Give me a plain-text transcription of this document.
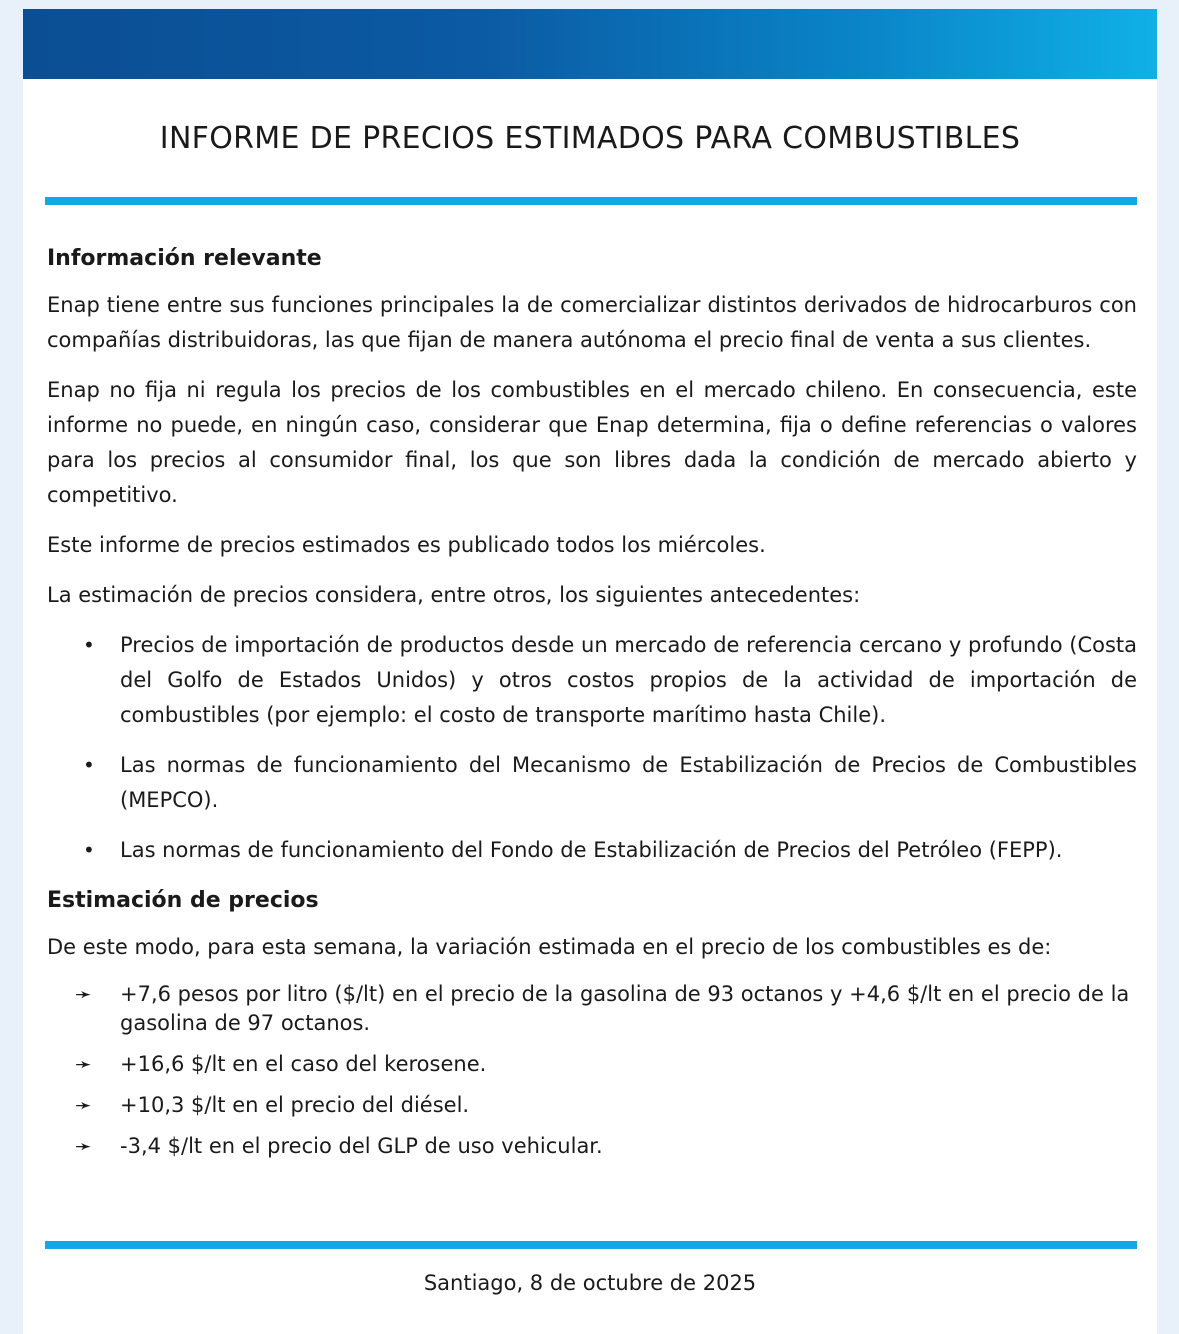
INFORME DE PRECIOS ESTIMADOS PARA COMBUSTIBLES
Información relevante

Enap tiene entre sus funciones principales la de comercializar distintos derivados de hidrocarburos con compañías distribuidoras, las que fijan de manera autónoma el precio final de venta a sus clientes.

Enap no fija ni regula los precios de los combustibles en el mercado chileno. En consecuencia, este informe no puede, en ningún caso, considerar que Enap determina, fija o define referencias o valores para los precios al consumidor final, los que son libres dada la condición de mercado abierto y competitivo.

Este informe de precios estimados es publicado todos los miércoles.

La estimación de precios considera, entre otros, los siguientes antecedentes:

• Precios de importación de productos desde un mercado de referencia cercano y profundo (Costa del Golfo de Estados Unidos) y otros costos propios de la actividad de importación de combustibles (por ejemplo: el costo de transporte marítimo hasta Chile).
• Las normas de funcionamiento del Mecanismo de Estabilización de Precios de Combustibles (MEPCO).
• Las normas de funcionamiento del Fondo de Estabilización de Precios del Petróleo (FEPP).
Estimación de precios

De este modo, para esta semana, la variación estimada en el precio de los combustibles es de:

➛ +7,6 pesos por litro ($/lt) en el precio de la gasolina de 93 octanos y +4,6 $/lt en el precio de la gasolina de 97 octanos.
➛ +16,6 $/lt en el caso del kerosene.
➛ +10,3 $/lt en el precio del diésel.
➛ -3,4 $/lt en el precio del GLP de uso vehicular.
Santiago, 8 de octubre de 2025
